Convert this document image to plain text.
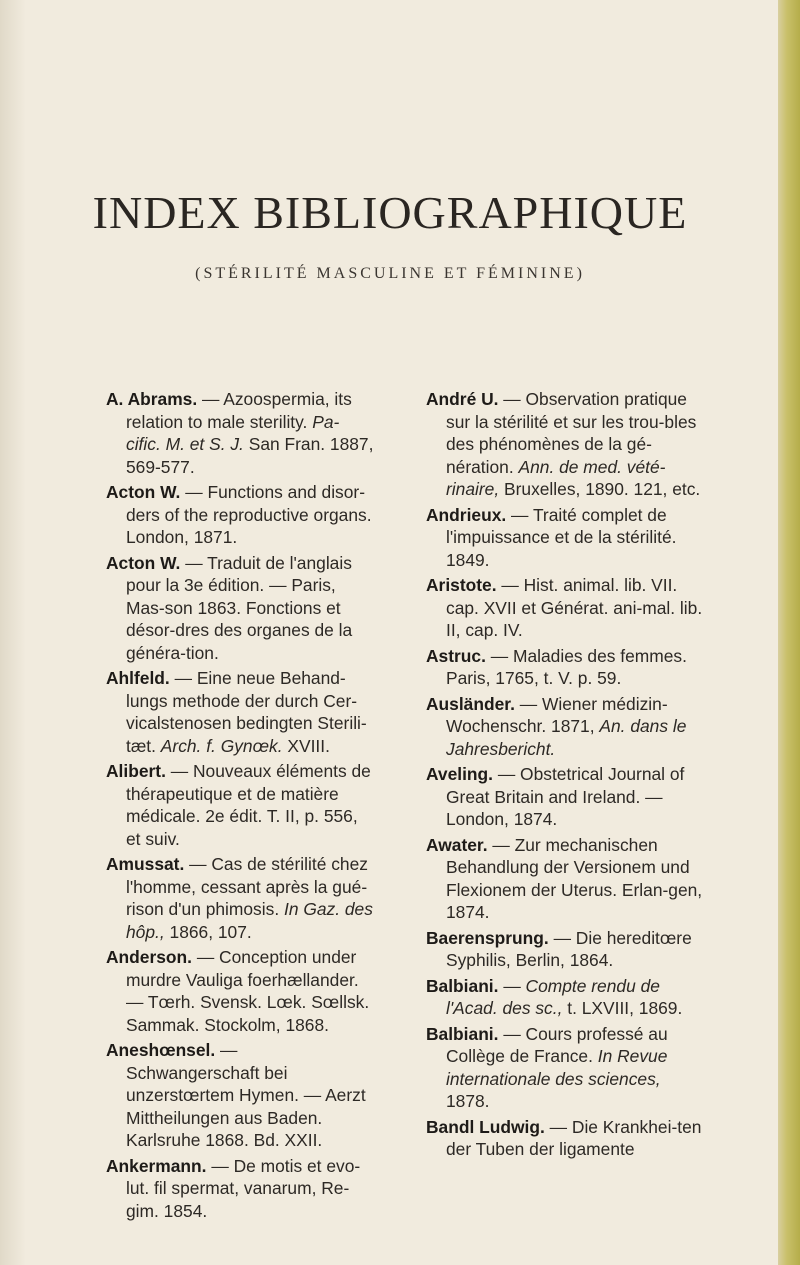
INDEX BIBLIOGRAPHIQUE
(STÉRILITÉ MASCULINE ET FÉMININE)
A. Abrams. — Azoospermia, its relation to male sterility. Pa-cific. M. et S. J. San Fran. 1887, 569-577.
Acton W. — Functions and disor-ders of the reproductive organs. London, 1871.
Acton W. — Traduit de l'anglais pour la 3e édition. — Paris, Mas-son 1863. Fonctions et désor-dres des organes de la généra-tion.
Ahlfeld. — Eine neue Behand-lungs methode der durch Cer-vicalstenosen bedingten Sterili-tæt. Arch. f. Gynœk. XVIII.
Alibert. — Nouveaux éléments de thérapeutique et de matière médicale. 2e édit. T. II, p. 556, et suiv.
Amussat. — Cas de stérilité chez l'homme, cessant après la gué-rison d'un phimosis. In Gaz. des hôp., 1866, 107.
Anderson. — Conception under murdre Vauliga foerhællander. — Tœrh. Svensk. Lœk. Sœllsk. Sammak. Stockolm, 1868.
Aneshœnsel. — Schwangerschaft bei unzerstœrtem Hymen. — Aerzt Mittheilungen aus Baden. Karlsruhe 1868. Bd. XXII.
Ankermann. — De motis et evo-lut. fil spermat, vanarum, Re-gim. 1854.
André U. — Observation pratique sur la stérilité et sur les trou-bles des phénomènes de la gé-nération. Ann. de med. vété-rinaire, Bruxelles, 1890. 121, etc.
Andrieux. — Traité complet de l'impuissance et de la stérilité. 1849.
Aristote. — Hist. animal. lib. VII. cap. XVII et Générat. ani-mal. lib. II, cap. IV.
Astruc. — Maladies des femmes. Paris, 1765, t. V. p. 59.
Ausländer. — Wiener médizin-Wochenschr. 1871, An. dans le Jahresbericht.
Aveling. — Obstetrical Journal of Great Britain and Ireland. — London, 1874.
Awater. — Zur mechanischen Behandlung der Versionem und Flexionem der Uterus. Erlan-gen, 1874.
Baerensprung. — Die hereditœre Syphilis, Berlin, 1864.
Balbiani. — Compte rendu de l'Acad. des sc., t. LXVIII, 1869.
Balbiani. — Cours professé au Collège de France. In Revue internationale des sciences, 1878.
Bandl Ludwig. — Die Krankhei-ten der Tuben der ligamente
